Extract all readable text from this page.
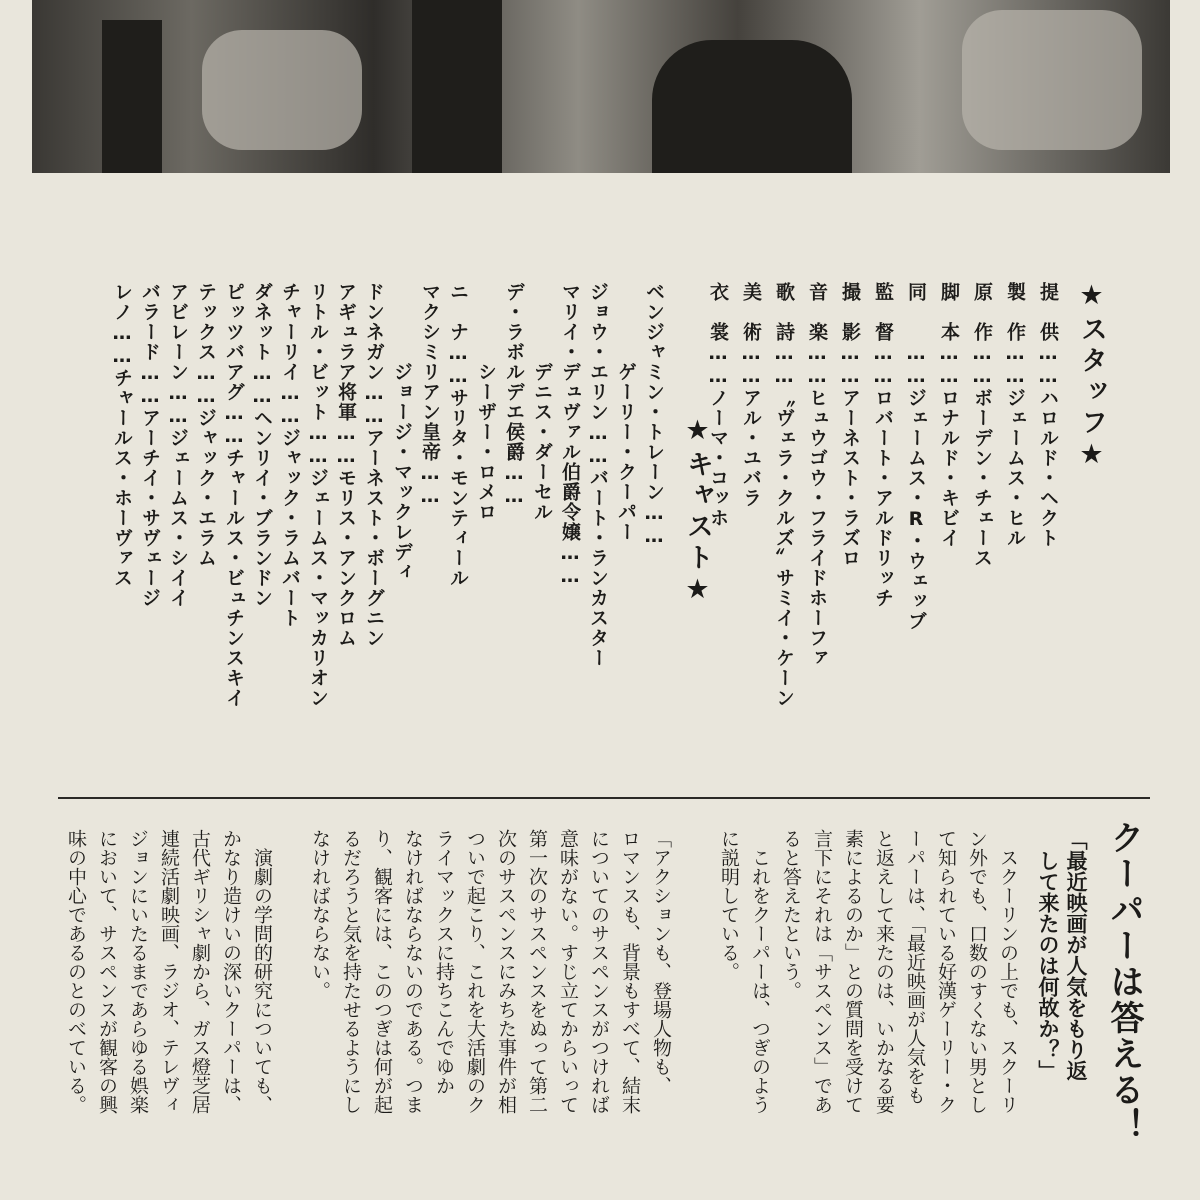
★スタッフ★
提　供……ハロルド・ヘクト
製　作……ジェームス・ヒル
原　作……ボーデン・チェース
脚　本……ロナルド・キビイ
同　　……ジェームス・R・ウェッブ
監　督……ロバート・アルドリッチ
撮　影……アーネスト・ラズロ
音　楽……ヒュウゴウ・フライドホーファ
歌　詩……〝ヴェラ・クルズ〟サミイ・ケーン
美　術……アル・ユバラ
衣　裳……ノーマ・コッホ
★キャスト★
ベンジャミン・トレーン……
　　　　ゲーリー・クーパー
ジョウ・エリン……バート・ランカスター
マリイ・デュヴァル伯爵令嬢……
　　　　デニス・ダーセル
デ・ラボルデエ侯爵……
　　　　シーザー・ロメロ
ニ　ナ……サリタ・モンティール
マクシミリアン皇帝……
　　　　ジョージ・マックレディ
ドンネガン……アーネスト・ボーグニン
アギュラア将軍……モリス・アンクロム
リトル・ビット……ジェームス・マッカリオン
チャーリイ……ジャック・ラムバート
ダネット……ヘンリイ・ブランドン
ピッツバアグ……チャールス・ビュチンスキイ
テックス……ジャック・エラム
アビレーン……ジェームス・シイイ
バラード……アーチイ・サヴェージ
レノ……チャールス・ホーヴァス
クーパーは答える！
「最近映画が人気をもり返
　して来たのは何故か？」
　スクーリンの上でも、スクーリ
ン外でも、口数のすくない男とし
て知られている好漢ゲーリー・ク
ーパーは、「最近映画が人気をも
と返えして来たのは、いかなる要
素によるのか」との質問を受けて
言下にそれは「サスペンス」であ
ると答えたという。
　これをクーパーは、つぎのよう
に説明している。
「アクションも、登場人物も、
ロマンスも、背景もすべて、結末
についてのサスペンスがつければ
意味がない。すじ立てからいって
第一次のサスペンスをぬって第二
次のサスペンスにみちた事件が相
ついで起こり、これを大活劇のク
ライマックスに持ちこんでゆか
なければならないのである。つま
り、観客には、このつぎは何が起
るだろうと気を持たせるようにし
なければならない。
　演劇の学問的研究についても、
かなり造けいの深いクーパーは、
古代ギリシャ劇から、ガス燈芝居
連続活劇映画、ラジオ、テレヴィ
ジョンにいたるまであらゆる娯楽
において、サスペンスが観客の興
味の中心であるのとのべている。
